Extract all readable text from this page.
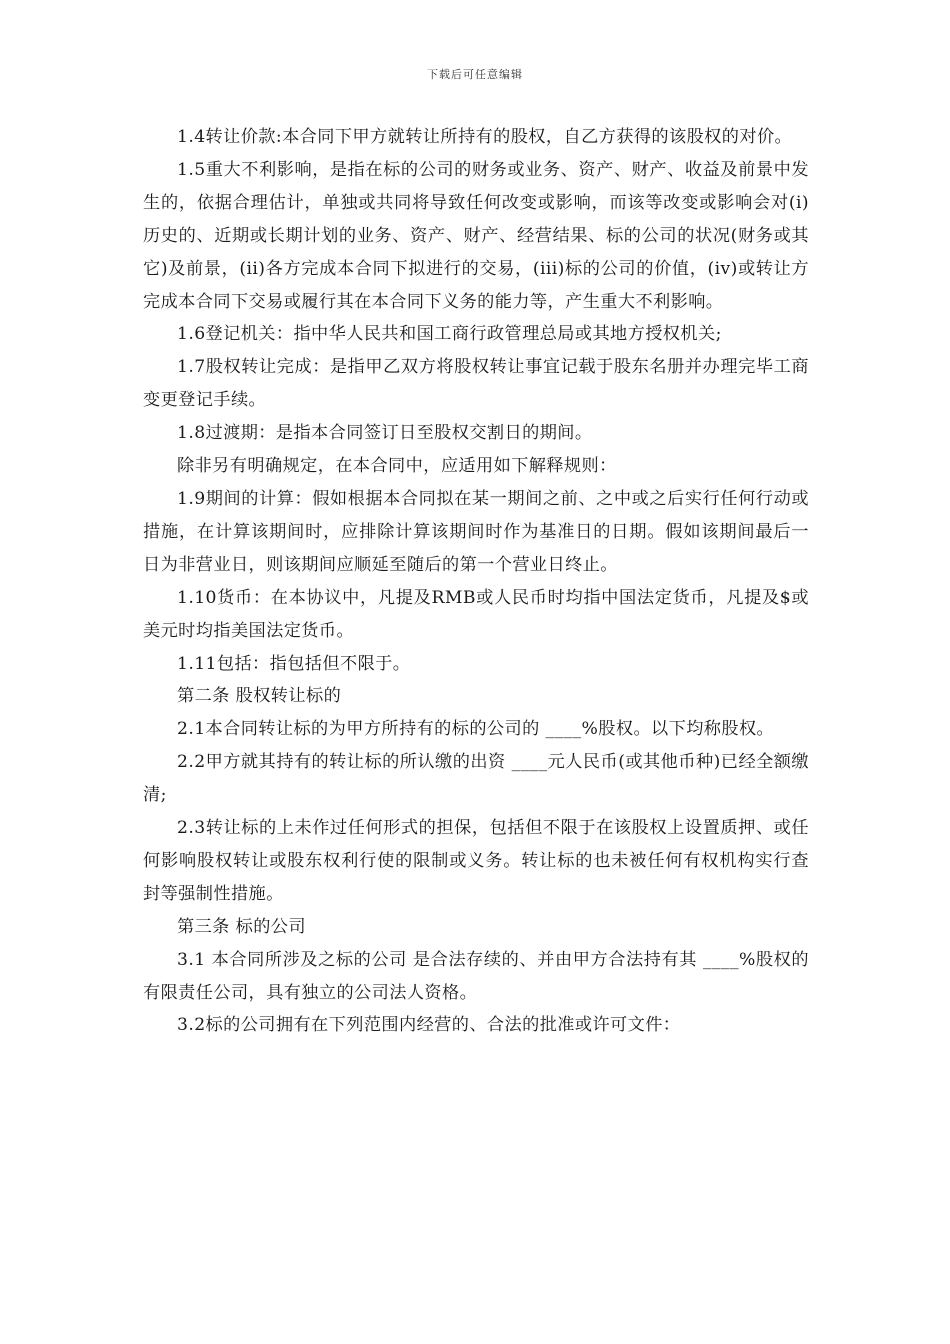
下载后可任意编辑

1.4转让价款:本合同下甲方就转让所持有的股权，自乙方获得的该股权的对价。

1.5重大不利影响，是指在标的公司的财务或业务、资产、财产、收益及前景中发生的，依据合理估计，单独或共同将导致任何改变或影响，而该等改变或影响会对(i)历史的、近期或长期计划的业务、资产、财产、经营结果、标的公司的状况(财务或其它)及前景，(ii)各方完成本合同下拟进行的交易，(iii)标的公司的价值，(iv)或转让方完成本合同下交易或履行其在本合同下义务的能力等，产生重大不利影响。

1.6登记机关：指中华人民共和国工商行政管理总局或其地方授权机关;

1.7股权转让完成：是指甲乙双方将股权转让事宜记载于股东名册并办理完毕工商变更登记手续。

1.8过渡期：是指本合同签订日至股权交割日的期间。

除非另有明确规定，在本合同中，应适用如下解释规则：

1.9期间的计算：假如根据本合同拟在某一期间之前、之中或之后实行任何行动或措施，在计算该期间时，应排除计算该期间时作为基准日的日期。假如该期间最后一日为非营业日，则该期间应顺延至随后的第一个营业日终止。

1.10货币：在本协议中，凡提及RMB或人民币时均指中国法定货币，凡提及$或美元时均指美国法定货币。

1.11包括：指包括但不限于。

第二条 股权转让标的

2.1本合同转让标的为甲方所持有的标的公司的 ____%股权。以下均称股权。

2.2甲方就其持有的转让标的所认缴的出资 ____元人民币(或其他币种)已经全额缴清;

2.3转让标的上未作过任何形式的担保，包括但不限于在该股权上设置质押、或任何影响股权转让或股东权利行使的限制或义务。转让标的也未被任何有权机构实行查封等强制性措施。

第三条 标的公司

3.1 本合同所涉及之标的公司 是合法存续的、并由甲方合法持有其 ____%股权的有限责任公司，具有独立的公司法人资格。

3.2标的公司拥有在下列范围内经营的、合法的批准或许可文件：
